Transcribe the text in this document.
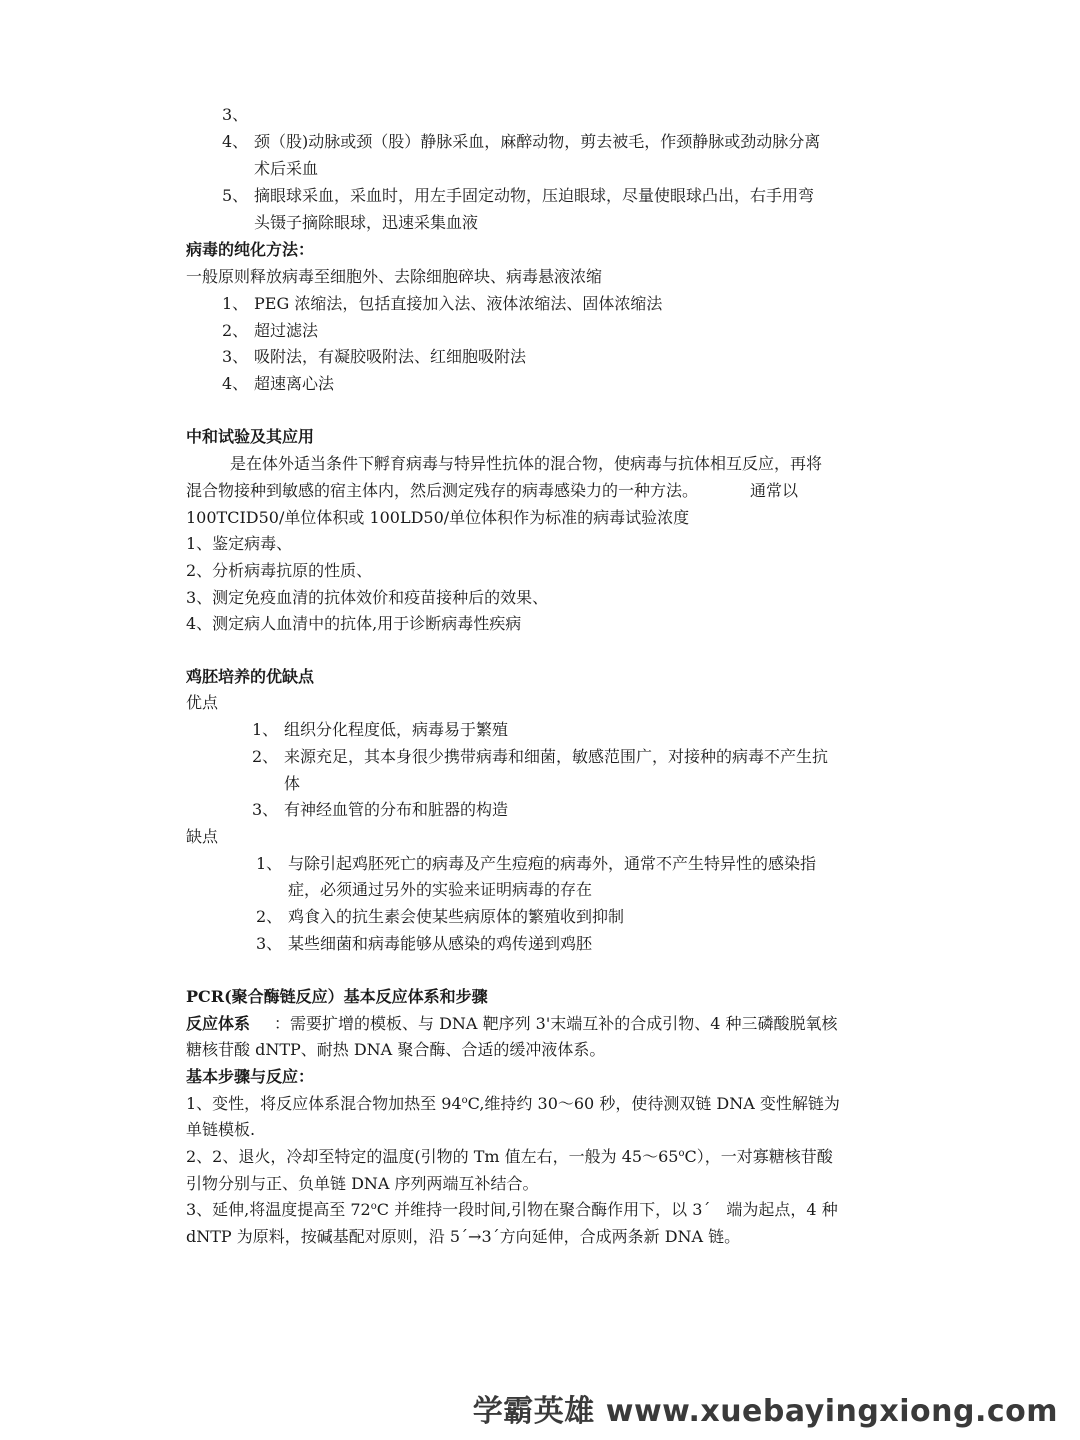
3、
4、 颈（股)动脉或颈（股）静脉采血，麻醉动物，剪去被毛，作颈静脉或劲动脉分离
术后采血
5、 摘眼球采血，采血时，用左手固定动物，压迫眼球，尽量使眼球凸出，右手用弯
头镊子摘除眼球，迅速采集血液
病毒的纯化方法：
一般原则释放病毒至细胞外、去除细胞碎块、病毒悬液浓缩
1、 PEG 浓缩法，包括直接加入法、液体浓缩法、固体浓缩法
2、 超过滤法
3、 吸附法，有凝胶吸附法、红细胞吸附法
4、 超速离心法
中和试验及其应用
是在体外适当条件下孵育病毒与特异性抗体的混合物，使病毒与抗体相互反应，再将
混合物接种到敏感的宿主体内，然后测定残存的病毒感染力的一种方法。	通常以
100TCID50/单位体积或 100LD50/单位体积作为标准的病毒试验浓度
1、鉴定病毒、
2、分析病毒抗原的性质、
3、测定免疫血清的抗体效价和疫苗接种后的效果、
4、测定病人血清中的抗体,用于诊断病毒性疾病
鸡胚培养的优缺点
优点
1、 组织分化程度低，病毒易于繁殖
2、 来源充足，其本身很少携带病毒和细菌，敏感范围广，对接种的病毒不产生抗
体
3、 有神经血管的分布和脏器的构造
缺点
1、 与除引起鸡胚死亡的病毒及产生痘疱的病毒外，通常不产生特异性的感染指
症，必须通过另外的实验来证明病毒的存在
2、 鸡食入的抗生素会使某些病原体的繁殖收到抑制
3、 某些细菌和病毒能够从感染的鸡传递到鸡胚
PCR(聚合酶链反应）基本反应体系和步骤
反应体系 ：需要扩增的模板、与 DNA 靶序列 3'末端互补的合成引物、4 种三磷酸脱氧核
糖核苷酸 dNTP、耐热 DNA 聚合酶、合适的缓冲液体系。
基本步骤与反应：
1、变性，将反应体系混合物加热至 94$^o$C,维持约 30～60 秒，使待测双链 DNA 变性解链为
单链模板.
2、2、退火，冷却至特定的温度(引物的 Tm 值左右，一般为 45～65$^o$C），一对寡糖核苷酸
引物分别与正、负单链 DNA 序列两端互补结合。
3、延伸,将温度提高至 72$^o$C 并维持一段时间,引物在聚合酶作用下，以 3´　端为起点，4 种
dNTP 为原料，按碱基配对原则，沿 5´→3´方向延伸，合成两条新 DNA 链。
学霸英雄 www.xuebayingxiong.com
